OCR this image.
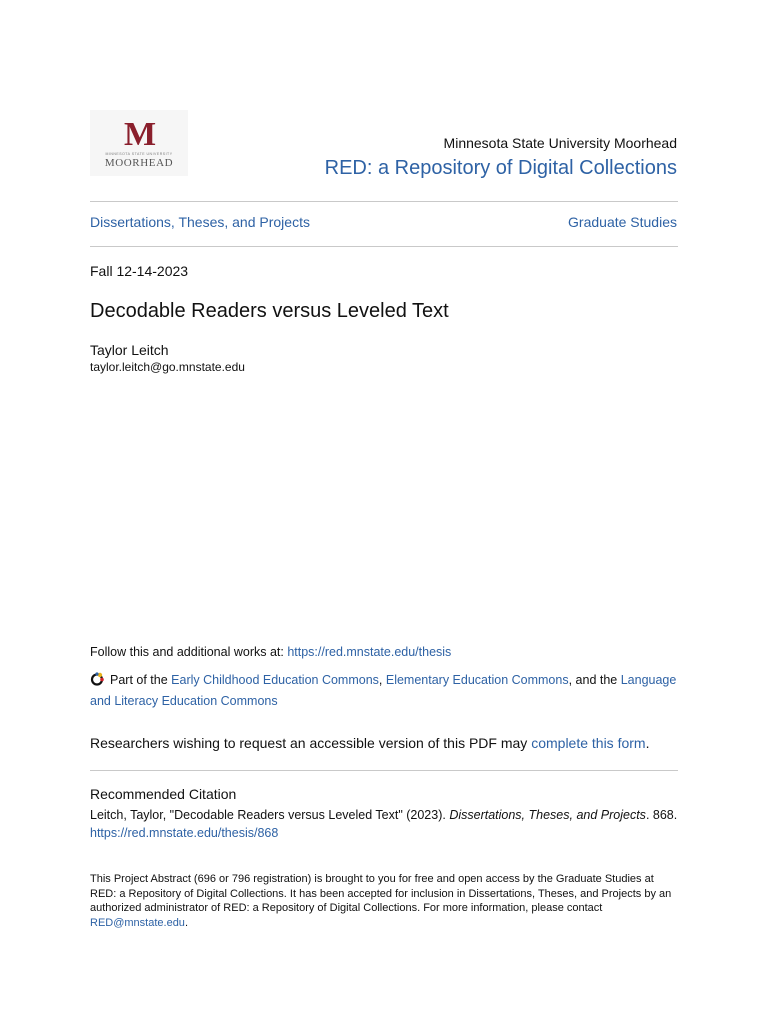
M
MINNESOTA STATE UNIVERSITY
MOORHEAD
Minnesota State University Moorhead
RED: a Repository of Digital Collections
Dissertations, Theses, and Projects	Graduate Studies
Fall 12-14-2023
Decodable Readers versus Leveled Text
Taylor Leitch
taylor.leitch@go.mnstate.edu
Follow this and additional works at: https://red.mnstate.edu/thesis
Part of the Early Childhood Education Commons, Elementary Education Commons, and the Language and Literacy Education Commons
Researchers wishing to request an accessible version of this PDF may complete this form.
Recommended Citation
Leitch, Taylor, "Decodable Readers versus Leveled Text" (2023). Dissertations, Theses, and Projects. 868.
https://red.mnstate.edu/thesis/868
This Project Abstract (696 or 796 registration) is brought to you for free and open access by the Graduate Studies at RED: a Repository of Digital Collections. It has been accepted for inclusion in Dissertations, Theses, and Projects by an authorized administrator of RED: a Repository of Digital Collections. For more information, please contact RED@mnstate.edu.
